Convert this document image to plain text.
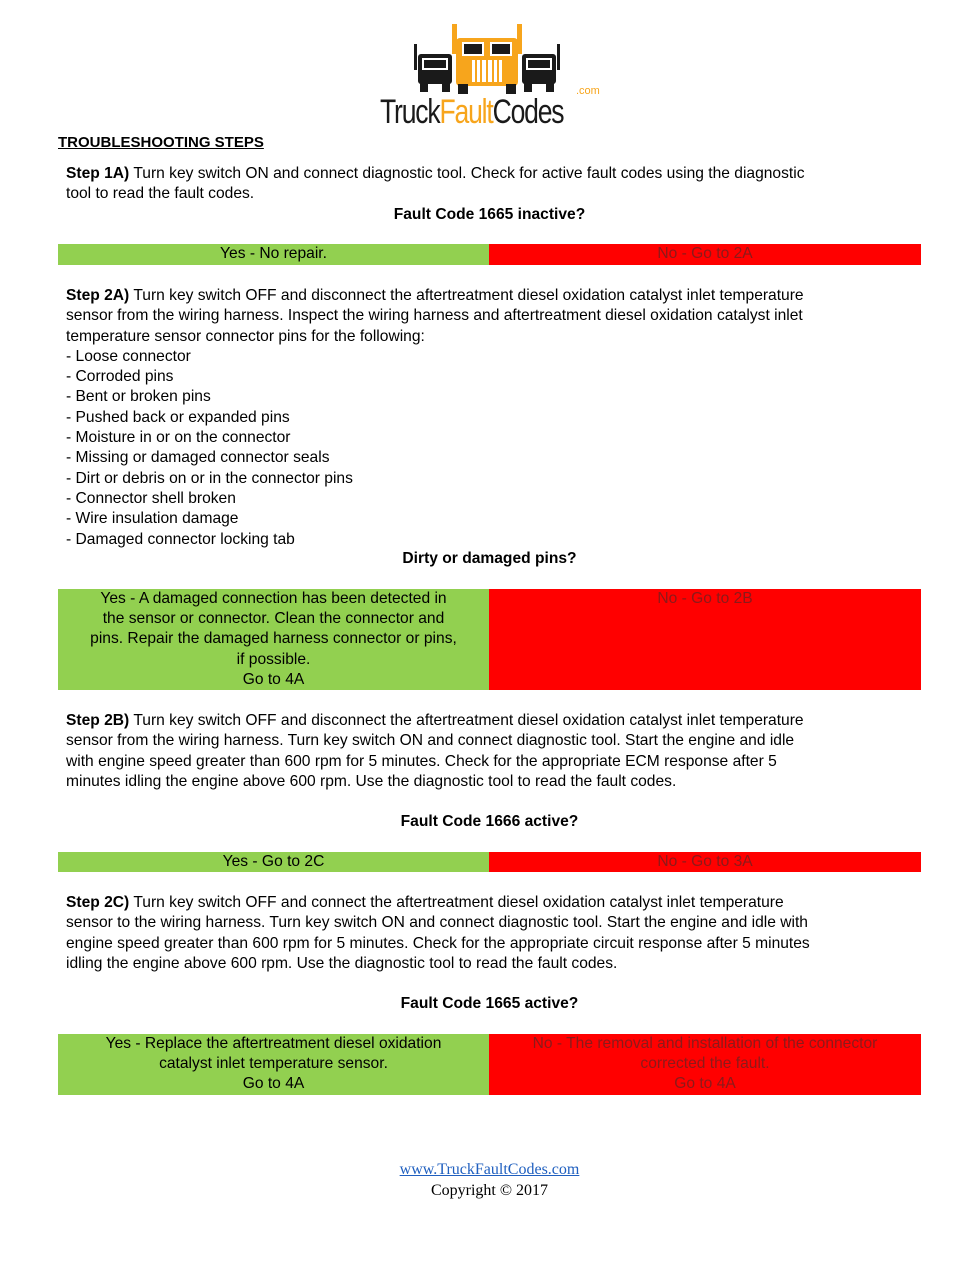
TruckFaultCodes
.com
TROUBLESHOOTING STEPS
Step 1A) Turn key switch ON and connect diagnostic tool. Check for active fault codes using the diagnostic
tool to read the fault codes.
Fault Code 1665 inactive?
Yes - No repair.	No - Go to 2A
Step 2A) Turn key switch OFF and disconnect the aftertreatment diesel oxidation catalyst inlet temperature
sensor from the wiring harness. Inspect the wiring harness and aftertreatment diesel oxidation catalyst inlet
temperature sensor connector pins for the following:
- Loose connector
- Corroded pins
- Bent or broken pins
- Pushed back or expanded pins
- Moisture in or on the connector
- Missing or damaged connector seals
- Dirt or debris on or in the connector pins
- Connector shell broken
- Wire insulation damage
- Damaged connector locking tab
Dirty or damaged pins?
Yes - A damaged connection has been detected in
the sensor or connector. Clean the connector and
pins. Repair the damaged harness connector or pins,
if possible.
Go to 4A
No - Go to 2B
Step 2B) Turn key switch OFF and disconnect the aftertreatment diesel oxidation catalyst inlet temperature
sensor from the wiring harness. Turn key switch ON and connect diagnostic tool. Start the engine and idle
with engine speed greater than 600 rpm for 5 minutes. Check for the appropriate ECM response after 5
minutes idling the engine above 600 rpm. Use the diagnostic tool to read the fault codes.
Fault Code 1666 active?
Yes - Go to 2C	No - Go to 3A
Step 2C) Turn key switch OFF and connect the aftertreatment diesel oxidation catalyst inlet temperature
sensor to the wiring harness. Turn key switch ON and connect diagnostic tool. Start the engine and idle with
engine speed greater than 600 rpm for 5 minutes. Check for the appropriate circuit response after 5 minutes
idling the engine above 600 rpm. Use the diagnostic tool to read the fault codes.
Fault Code 1665 active?
Yes - Replace the aftertreatment diesel oxidation
catalyst inlet temperature sensor.
Go to 4A
No - The removal and installation of the connector
corrected the fault.
Go to 4A
www.TruckFaultCodes.com
Copyright © 2017
